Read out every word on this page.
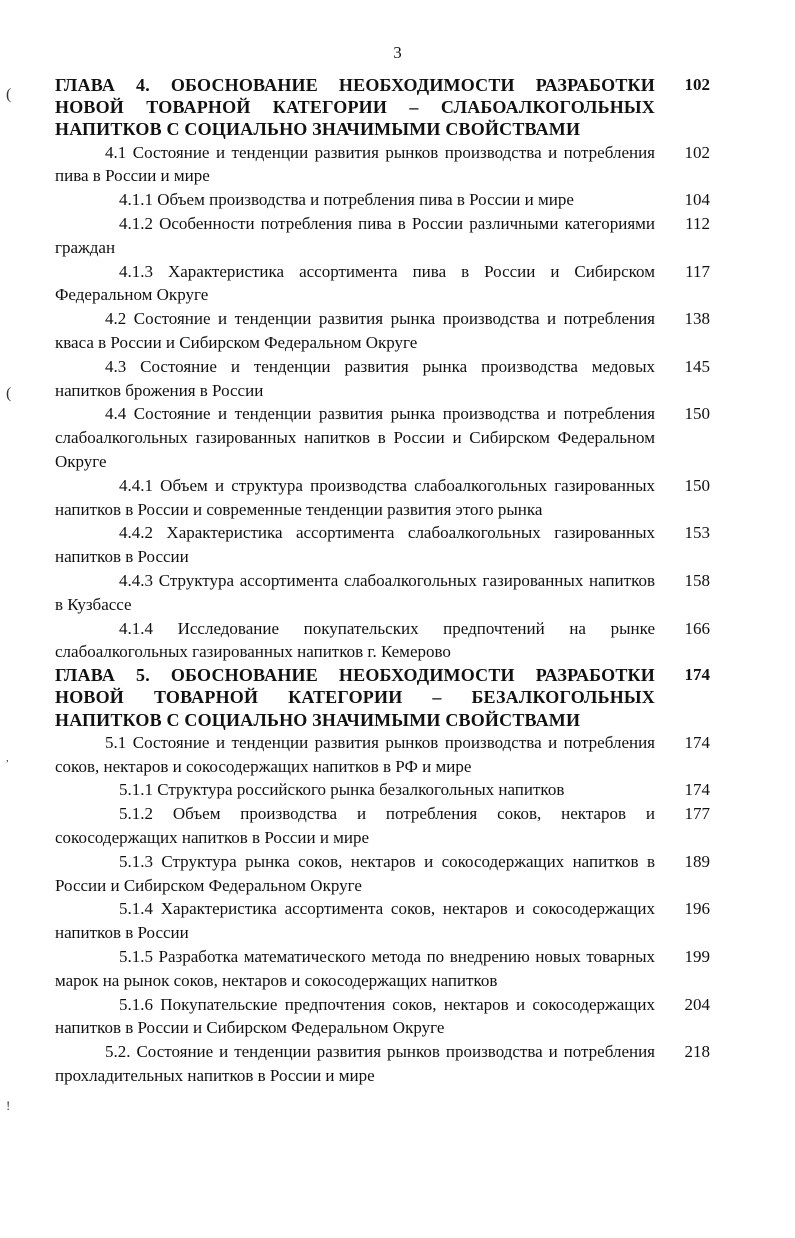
3
(
(
,
!
ГЛАВА 4. ОБОСНОВАНИЕ НЕОБХОДИМОСТИ РАЗРАБОТКИ НОВОЙ ТОВАРНОЙ КАТЕГОРИИ – СЛАБОАЛКОГОЛЬНЫХ НАПИТКОВ С СОЦИАЛЬНО ЗНАЧИМЫМИ СВОЙСТВАМИ
102
4.1 Состояние и тенденции развития рынков производства и потребления пива в России и мире
102
4.1.1 Объем производства и потребления пива в России и мире	104
4.1.2 Особенности потребления пива в России различными категориями граждан
112
4.1.3 Характеристика ассортимента пива в России и Сибирском Федеральном Округе
117
4.2 Состояние и тенденции развития рынка производства и потребления кваса в России и Сибирском Федеральном Округе
138
4.3 Состояние и тенденции развития рынка производства медовых напитков брожения в России
145
4.4 Состояние и тенденции развития рынка производства и потребления слабоалкогольных газированных напитков в России и Сибирском Федеральном Округе
150
4.4.1 Объем и структура производства слабоалкогольных газированных напитков в России и современные тенденции развития этого рынка
150
4.4.2 Характеристика ассортимента слабоалкогольных газированных напитков в России
153
4.4.3 Структура ассортимента слабоалкогольных газированных напитков в Кузбассе
158
4.1.4 Исследование покупательских предпочтений на рынке слабоалкогольных газированных напитков г. Кемерово
166
ГЛАВА 5. ОБОСНОВАНИЕ НЕОБХОДИМОСТИ РАЗРАБОТКИ НОВОЙ ТОВАРНОЙ КАТЕГОРИИ – БЕЗАЛКОГОЛЬНЫХ НАПИТКОВ С СОЦИАЛЬНО ЗНАЧИМЫМИ СВОЙСТВАМИ
174
5.1 Состояние и тенденции развития рынков производства и потребления соков, нектаров и сокосодержащих напитков в РФ и мире
174
5.1.1 Структура российского рынка безалкогольных напитков	174
5.1.2 Объем производства и потребления соков, нектаров и сокосодержащих напитков в России и мире
177
5.1.3 Структура рынка соков, нектаров и сокосодержащих напитков в России и Сибирском Федеральном Округе
189
5.1.4 Характеристика ассортимента соков, нектаров и сокосодержащих напитков в России
196
5.1.5 Разработка математического метода по внедрению новых товарных марок на рынок соков, нектаров и сокосодержащих напитков
199
5.1.6 Покупательские предпочтения соков, нектаров и сокосодержащих напитков в России и Сибирском Федеральном Округе
204
5.2. Состояние и тенденции развития рынков производства и потребления прохладительных напитков в России и мире
218
